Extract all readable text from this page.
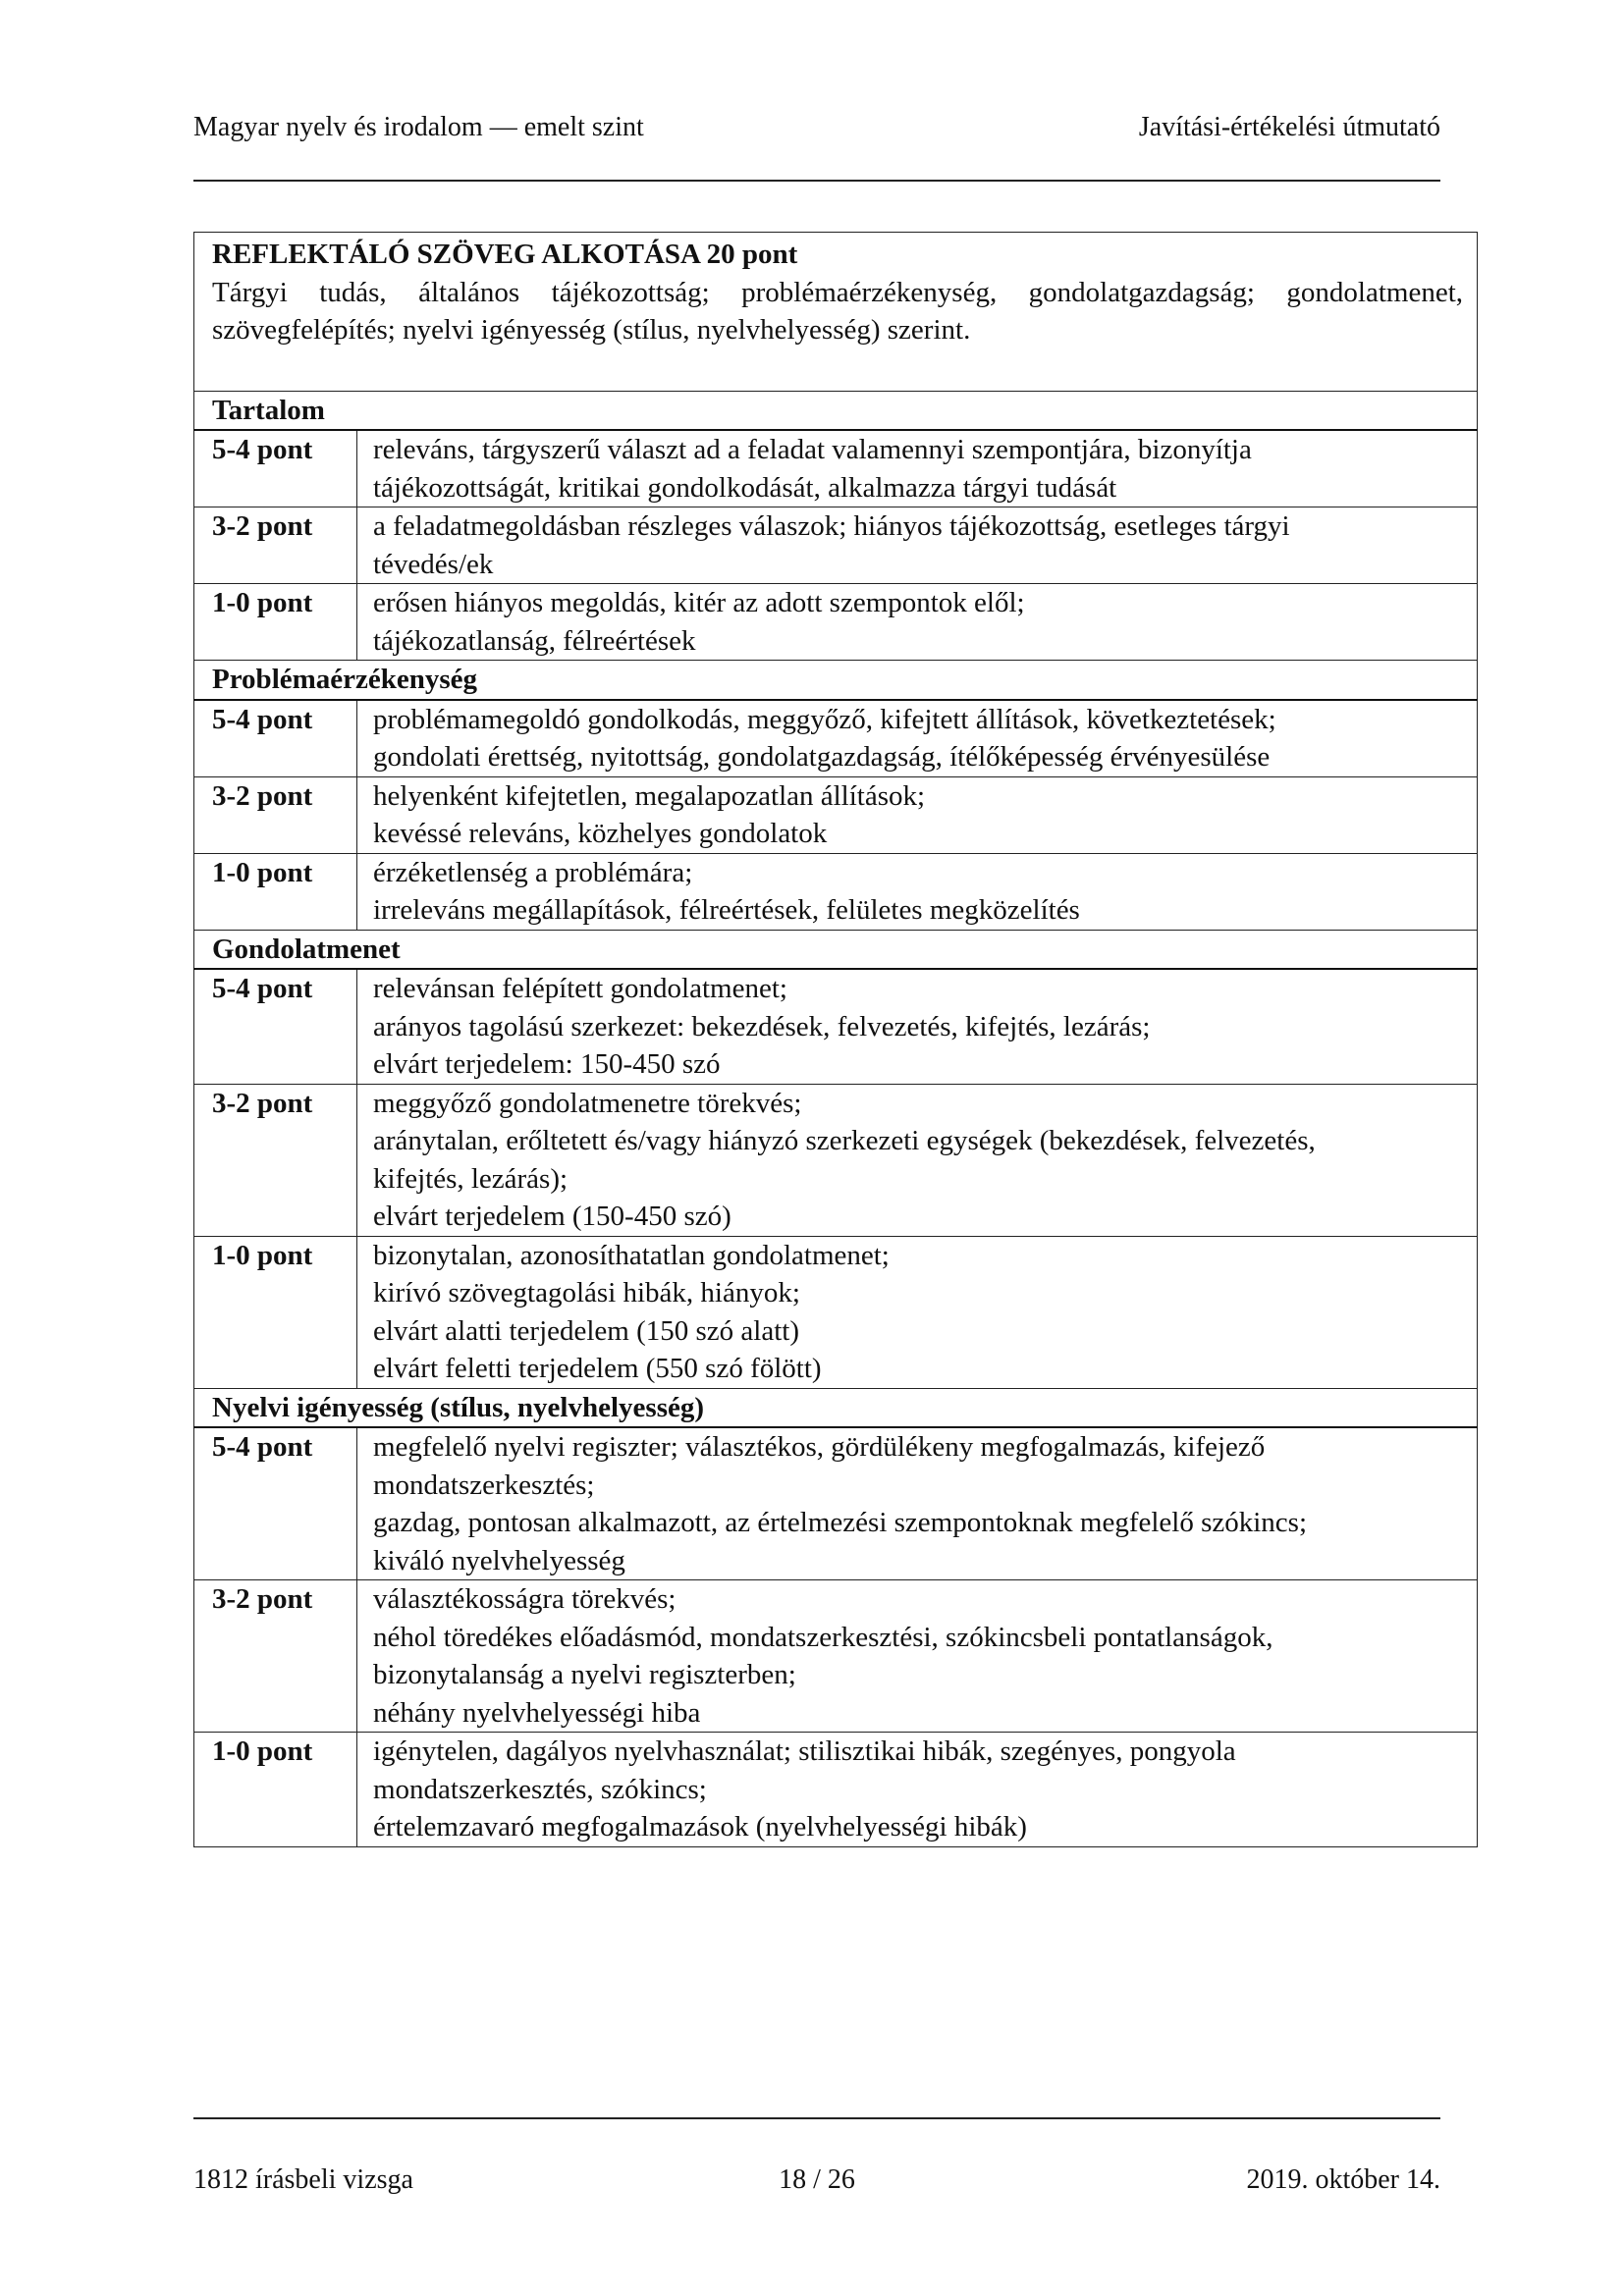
Magyar nyelv és irodalom — emelt szint	Javítási-értékelési útmutató
REFLEKTÁLÓ SZÖVEG ALKOTÁSA 20 pont
Tárgyi tudás, általános tájékozottság; problémaérzékenység, gondolatgazdagság; gondolatmenet, szövegfelépítés; nyelvi igényesség (stílus, nyelvhelyesség) szerint.	

Tartalom	
5-4 pont	releváns, tárgyszerű választ ad a feladat valamennyi szempontjára, bizonyítja
tájékozottságát, kritikai gondolkodását, alkalmazza tárgyi tudását

3-2 pont	a feladatmegoldásban részleges válaszok; hiányos tájékozottság, esetleges tárgyi
tévedés/ek

1-0 pont	erősen hiányos megoldás, kitér az adott szempontok elől;
tájékozatlanság, félreértések

Problémaérzékenység	
5-4 pont	problémamegoldó gondolkodás, meggyőző, kifejtett állítások, következtetések;
gondolati érettség, nyitottság, gondolatgazdagság, ítélőképesség érvényesülése

3-2 pont	helyenként kifejtetlen, megalapozatlan állítások;
kevéssé releváns, közhelyes gondolatok

1-0 pont	érzéketlenség a problémára;
irreleváns megállapítások, félreértések, felületes megközelítés

Gondolatmenet	
5-4 pont	relevánsan felépített gondolatmenet;
arányos tagolású szerkezet: bekezdések, felvezetés, kifejtés, lezárás;
elvárt terjedelem: 150-450 szó

3-2 pont	meggyőző gondolatmenetre törekvés;
aránytalan, erőltetett és/vagy hiányzó szerkezeti egységek (bekezdések, felvezetés,
kifejtés, lezárás);
elvárt terjedelem (150-450 szó)

1-0 pont	bizonytalan, azonosíthatatlan gondolatmenet;
kirívó szövegtagolási hibák, hiányok;
elvárt alatti terjedelem (150 szó alatt)
elvárt feletti terjedelem (550 szó fölött)

Nyelvi igényesség (stílus, nyelvhelyesség)	
5-4 pont	megfelelő nyelvi regiszter; választékos, gördülékeny megfogalmazás, kifejező
mondatszerkesztés;
gazdag, pontosan alkalmazott, az értelmezési szempontoknak megfelelő szókincs;
kiváló nyelvhelyesség

3-2 pont	választékosságra törekvés;
néhol töredékes előadásmód, mondatszerkesztési, szókincsbeli pontatlanságok,
bizonytalanság a nyelvi regiszterben;
néhány nyelvhelyességi hiba

1-0 pont	igénytelen, dagályos nyelvhasználat; stilisztikai hibák, szegényes, pongyola
mondatszerkesztés, szókincs;
értelemzavaró megfogalmazások (nyelvhelyességi hibák)
1812 írásbeli vizsga	18 / 26	2019. október 14.
